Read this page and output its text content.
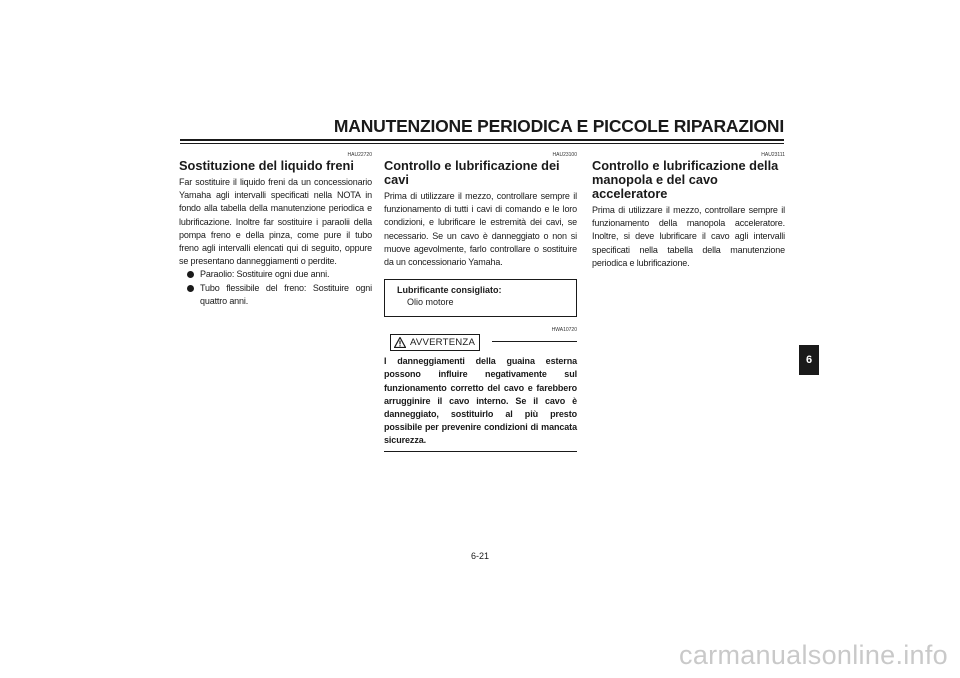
MANUTENZIONE PERIODICA E PICCOLE RIPARAZIONI
HAU22720
Sostituzione del liquido freni

Far sostituire il liquido freni da un concessionario Yamaha agli intervalli specificati nella NOTA in fondo alla tabella della manutenzione periodica e lubrificazione. Inoltre far sostituire i paraolii della pompa freno e della pinza, come pure il tubo freno agli intervalli elencati qui di seguito, oppure se presentano danneggiamenti o perdite.

Paraolio: Sostituire ogni due anni.
Tubo flessibile del freno: Sostituire ogni quattro anni.
HAU23100
Controllo e lubrificazione dei cavi

Prima di utilizzare il mezzo, controllare sempre il funzionamento di tutti i cavi di comando e le loro condizioni, e lubrificare le estremità dei cavi, se necessario. Se un cavo è danneggiato o non si muove agevolmente, farlo controllare o sostituire da un concessionario Yamaha.

Lubrificante consigliato:
Olio motore
HWA10720
AVVERTENZA
I danneggiamenti della guaina esterna possono influire negativamente sul funzionamento corretto del cavo e farebbero arrugginire il cavo interno. Se il cavo è danneggiato, sostituirlo al più presto possibile per prevenire condizioni di mancata sicurezza.
HAU23111
Controllo e lubrificazione della manopola e del cavo acceleratore

Prima di utilizzare il mezzo, controllare sempre il funzionamento della manopola acceleratore. Inoltre, si deve lubrificare il cavo agli intervalli specificati nella tabella della manutenzione periodica e lubrificazione.

6
6-21
carmanualsonline.info
